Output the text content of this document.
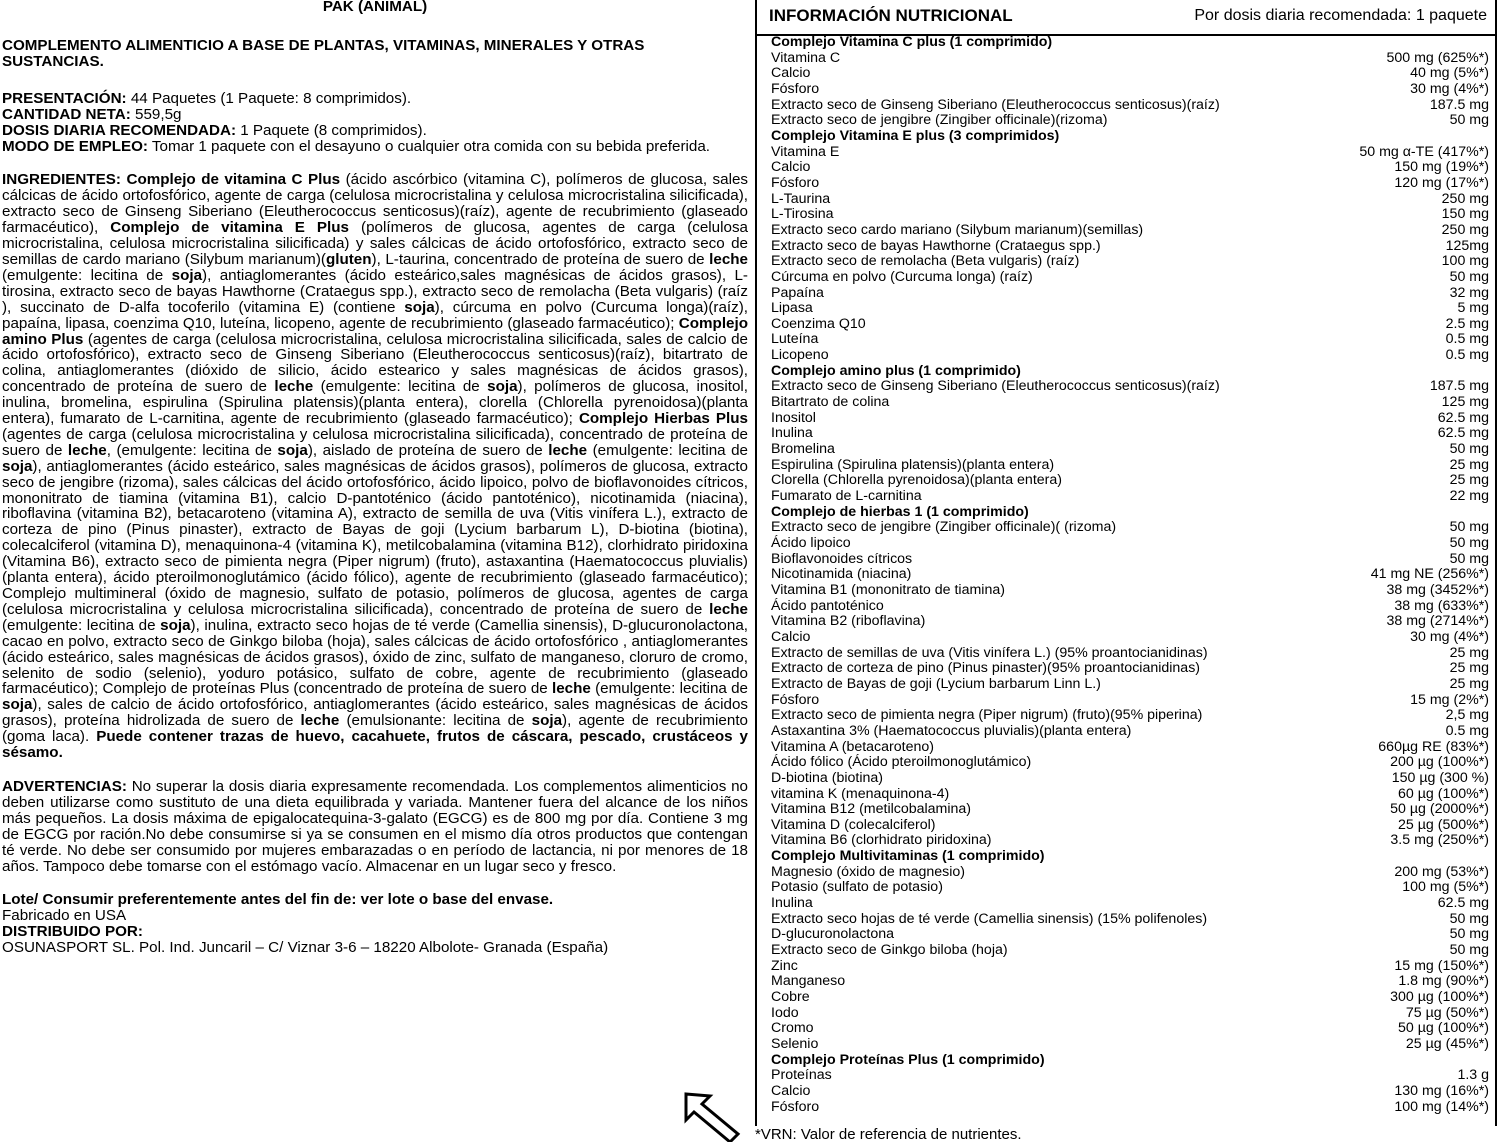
PAK (ANIMAL)

COMPLEMENTO ALIMENTICIO A BASE DE PLANTAS, VITAMINAS, MINERALES Y OTRAS SUSTANCIAS.

PRESENTACIÓN: 44 Paquetes (1 Paquete: 8 comprimidos).

CANTIDAD NETA: 559,5g

DOSIS DIARIA RECOMENDADA: 1 Paquete (8 comprimidos).

MODO DE EMPLEO: Tomar 1 paquete con el desayuno o cualquier otra comida con su bebida preferida.

INGREDIENTES: Complejo de vitamina C Plus (ácido ascórbico (vitamina C), polímeros de glucosa, sales cálcicas de ácido ortofosfórico, agente de carga (celulosa microcristalina y celulosa microcristalina silicificada), extracto seco de Ginseng Siberiano (Eleutherococcus senticosus)(raíz), agente de recubrimiento (glaseado farmacéutico), Complejo de vitamina E Plus (polímeros de glucosa, agentes de carga (celulosa microcristalina, celulosa microcristalina silicificada) y sales cálcicas de ácido ortofosfórico, extracto seco de semillas de cardo mariano (Silybum marianum)(gluten), L-taurina, concentrado de proteína de suero de leche (emulgente: lecitina de soja), antiaglomerantes (ácido esteárico,sales magnésicas de ácidos grasos), L-tirosina, extracto seco de bayas Hawthorne (Crataegus spp.), extracto seco de remolacha (Beta vulgaris) (raíz ), succinato de D-alfa tocoferilo (vitamina E) (contiene soja), cúrcuma en polvo (Curcuma longa)(raíz), papaína, lipasa, coenzima Q10, luteína, licopeno, agente de recubrimiento (glaseado farmacéutico); Complejo amino Plus (agentes de carga (celulosa microcristalina, celulosa microcristalina silicificada, sales de calcio de ácido ortofosfórico), extracto seco de Ginseng Siberiano (Eleutherococcus senticosus)(raíz), bitartrato de colina, antiaglomerantes (dióxido de silicio, ácido estearico y sales magnésicas de ácidos grasos), concentrado de proteína de suero de leche (emulgente: lecitina de soja), polímeros de glucosa, inositol, inulina, bromelina, espirulina (Spirulina platensis)(planta entera), clorella (Chlorella pyrenoidosa)(planta entera), fumarato de L-carnitina, agente de recubrimiento (glaseado farmacéutico); Complejo Hierbas Plus (agentes de carga (celulosa microcristalina y celulosa microcristalina silicificada), concentrado de proteína de suero de leche, (emulgente: lecitina de soja), aislado de proteína de suero de leche (emulgente: lecitina de soja), antiaglomerantes (ácido esteárico, sales magnésicas de ácidos grasos), polímeros de glucosa, extracto seco de jengibre (rizoma), sales cálcicas del ácido ortofosfórico, ácido lipoico, polvo de bioflavonoides cítricos, mononitrato de tiamina (vitamina B1), calcio D-pantoténico (ácido pantoténico), nicotinamida (niacina), riboflavina (vitamina B2), betacaroteno (vitamina A), extracto de semilla de uva (Vitis vinífera L.), extracto de corteza de pino (Pinus pinaster), extracto de Bayas de goji (Lycium barbarum L), D-biotina (biotina), colecalciferol (vitamina D), menaquinona-4 (vitamina K), metilcobalamina (vitamina B12), clorhidrato piridoxina (Vitamina B6), extracto seco de pimienta negra (Piper nigrum) (fruto), astaxantina (Haematococcus pluvialis)(planta entera), ácido pteroilmonoglutámico (ácido fólico), agente de recubrimiento (glaseado farmacéutico); Complejo multimineral (óxido de magnesio, sulfato de potasio, polímeros de glucosa, agentes de carga (celulosa microcristalina y celulosa microcristalina silicificada), concentrado de proteína de suero de leche (emulgente: lecitina de soja), inulina, extracto seco hojas de té verde (Camellia sinensis), D-glucuronolactona, cacao en polvo, extracto seco de Ginkgo biloba (hoja), sales cálcicas de ácido ortofosfórico , antiaglomerantes (ácido esteárico, sales magnésicas de ácidos grasos), óxido de zinc, sulfato de manganeso, cloruro de cromo, selenito de sodio (selenio), yoduro potásico, sulfato de cobre, agente de recubrimiento (glaseado farmacéutico); Complejo de proteínas Plus (concentrado de proteína de suero de leche (emulgente: lecitina de soja), sales de calcio de ácido ortofosfórico, antiaglomerantes (ácido esteárico, sales magnésicas de ácidos grasos), proteína hidrolizada de suero de leche (emulsionante: lecitina de soja), agente de recubrimiento (goma laca). Puede contener trazas de huevo, cacahuete, frutos de cáscara, pescado, crustáceos y sésamo.

ADVERTENCIAS: No superar la dosis diaria expresamente recomendada. Los complementos alimenticios no deben utilizarse como sustituto de una dieta equilibrada y variada. Mantener fuera del alcance de los niños más pequeños. La dosis máxima de epigalocatequina-3-galato (EGCG) es de 800 mg por día. Contiene 3 mg de EGCG por ración.No debe consumirse si ya se consumen en el mismo día otros productos que contengan té verde. No debe ser consumido por mujeres embarazadas o en período de lactancia, ni por menores de 18 años. Tampoco debe tomarse con el estómago vacío. Almacenar en un lugar seco y fresco.

Lote/ Consumir preferentemente antes del fin de: ver lote o base del envase.

Fabricado en USA

DISTRIBUIDO POR:

OSUNASPORT SL. Pol. Ind. Juncaril – C/ Viznar 3-6 – 18220 Albolote- Granada (España)

INFORMACIÓN NUTRICIONAL	Por dosis diaria recomendada: 1 paquete
Complejo Vitamina C plus (1 comprimido)
Vitamina C	500 mg (625%*)
Calcio	40 mg (5%*)
Fósforo	30 mg (4%*)
Extracto seco de Ginseng Siberiano (Eleutherococcus senticosus)(raíz)	187.5 mg
Extracto seco de jengibre (Zingiber officinale)(rizoma)	50 mg
Complejo Vitamina E plus (3 comprimidos)
Vitamina E	50 mg α-TE (417%*)
Calcio	150 mg (19%*)
Fósforo	120 mg (17%*)
L-Taurina	250 mg
L-Tirosina	150 mg
Extracto seco cardo mariano (Silybum marianum)(semillas)	250 mg
Extracto seco de bayas Hawthorne (Crataegus spp.)	125mg
Extracto seco de remolacha (Beta vulgaris) (raíz)	100 mg
Cúrcuma en polvo (Curcuma longa) (raíz)	50 mg
Papaína	32 mg
Lipasa	5 mg
Coenzima Q10	2.5 mg
Luteína	0.5 mg
Licopeno	0.5 mg
Complejo amino plus (1 comprimido)
Extracto seco de Ginseng Siberiano (Eleutherococcus senticosus)(raíz)	187.5 mg
Bitartrato de colina	125 mg
Inositol	62.5 mg
Inulina	62.5 mg
Bromelina	50 mg
Espirulina (Spirulina platensis)(planta entera)	25 mg
Clorella (Chlorella pyrenoidosa)(planta entera)	25 mg
Fumarato de L-carnitina	22 mg
Complejo de hierbas 1 (1 comprimido)
Extracto seco de jengibre (Zingiber officinale)( (rizoma)	50 mg
Ácido lipoico	50 mg
Bioflavonoides cítricos	50 mg
Nicotinamida (niacina)	41 mg NE (256%*)
Vitamina B1 (mononitrato de tiamina)	38 mg (3452%*)
Ácido pantoténico	38 mg (633%*)
Vitamina B2 (riboflavina)	38 mg (2714%*)
Calcio	30 mg (4%*)
Extracto de semillas de uva (Vitis vinífera L.) (95% proantocianidinas)	25 mg
Extracto de corteza de pino (Pinus pinaster)(95% proantocianidinas)	25 mg
Extracto de Bayas de goji (Lycium barbarum Linn L.)	25 mg
Fósforo	15 mg (2%*)
Extracto seco de pimienta negra (Piper nigrum) (fruto)(95% piperina)	2,5 mg
Astaxantina 3% (Haematococcus pluvialis)(planta entera)	0.5 mg
Vitamina A (betacaroteno)	660µg RE (83%*)
Ácido fólico (Ácido pteroilmonoglutámico)	200 µg (100%*)
D-biotina (biotina)	150 µg (300 %)
vitamina K (menaquinona-4)	60 µg (100%*)
Vitamina B12 (metilcobalamina)	50 µg (2000%*)
Vitamina D (colecalciferol)	25 µg (500%*)
Vitamina B6 (clorhidrato piridoxina)	3.5 mg (250%*)
Complejo Multivitaminas (1 comprimido)
Magnesio (óxido de magnesio)	200 mg (53%*)
Potasio (sulfato de potasio)	100 mg (5%*)
Inulina	62.5 mg
Extracto seco hojas de té verde (Camellia sinensis) (15% polifenoles)	50 mg
D-glucuronolactona	50 mg
Extracto seco de Ginkgo biloba (hoja)	50 mg
Zinc	15 mg (150%*)
Manganeso	1.8 mg (90%*)
Cobre	300 µg (100%*)
Iodo	75 µg (50%*)
Cromo	50 µg (100%*)
Selenio	25 µg (45%*)
Complejo Proteínas Plus (1 comprimido)
Proteínas	1.3 g
Calcio	130 mg (16%*)
Fósforo	100 mg (14%*)
*VRN: Valor de referencia de nutrientes.
